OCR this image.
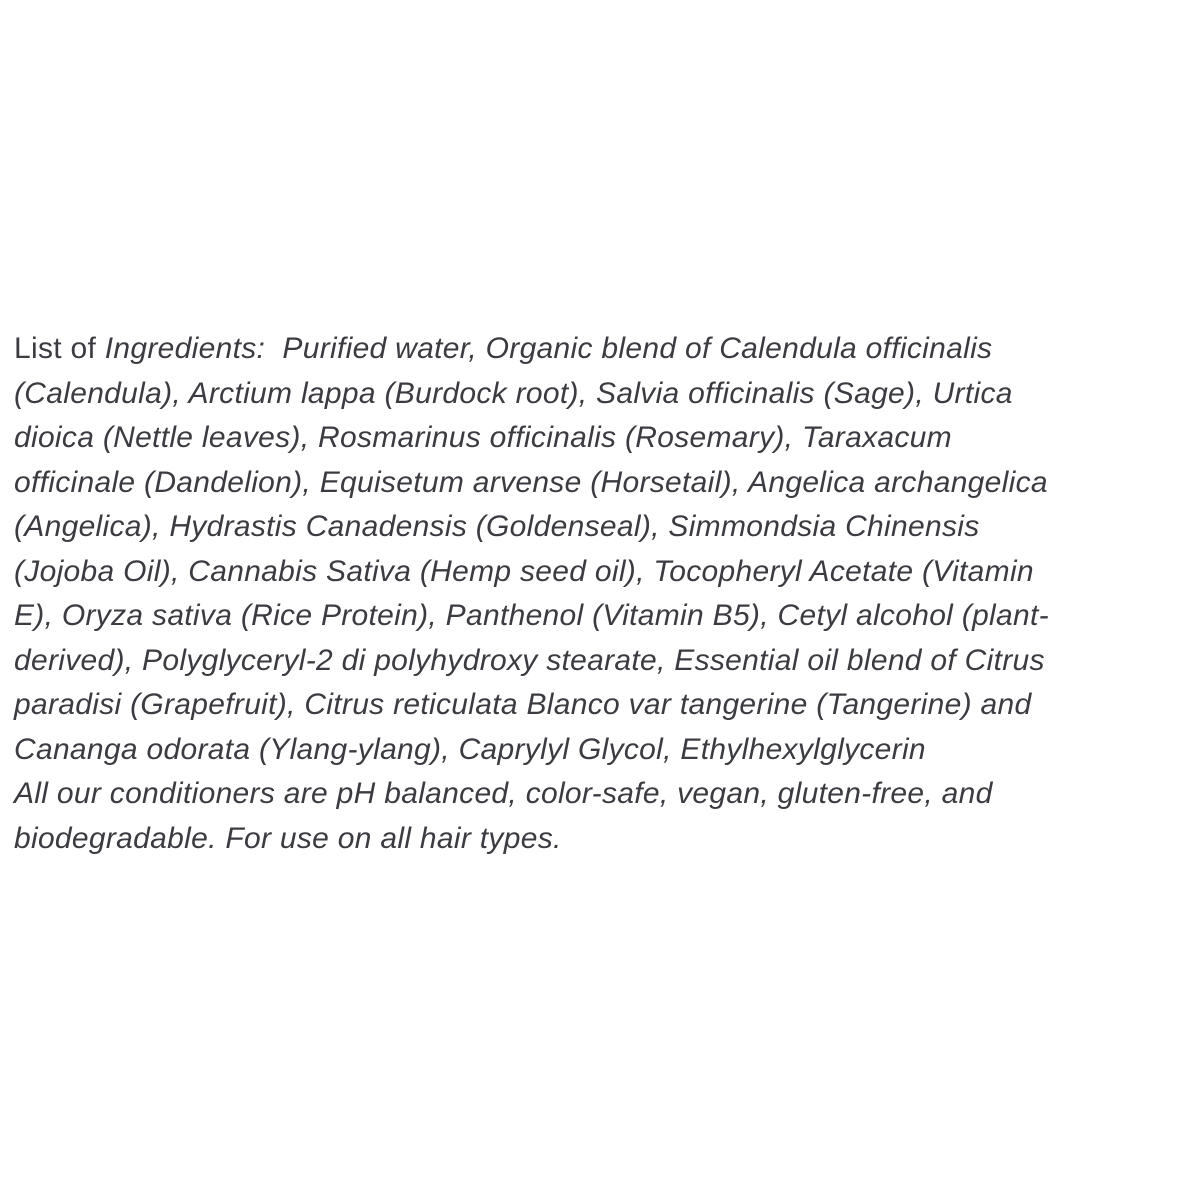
List of Ingredients:  Purified water, Organic blend of Calendula officinalis
(Calendula), Arctium lappa (Burdock root), Salvia officinalis (Sage), Urtica
dioica (Nettle leaves), Rosmarinus officinalis (Rosemary), Taraxacum
officinale (Dandelion), Equisetum arvense (Horsetail), Angelica archangelica
(Angelica), Hydrastis Canadensis (Goldenseal), Simmondsia Chinensis
(Jojoba Oil), Cannabis Sativa (Hemp seed oil), Tocopheryl Acetate (Vitamin
E), Oryza sativa (Rice Protein), Panthenol (Vitamin B5), Cetyl alcohol (plant-
derived), Polyglyceryl-2 di polyhydroxy stearate, Essential oil blend of Citrus
paradisi (Grapefruit), Citrus reticulata Blanco var tangerine (Tangerine) and
Cananga odorata (Ylang-ylang), Caprylyl Glycol, Ethylhexylglycerin
All our conditioners are pH balanced, color-safe, vegan, gluten-free, and
biodegradable. For use on all hair types.
